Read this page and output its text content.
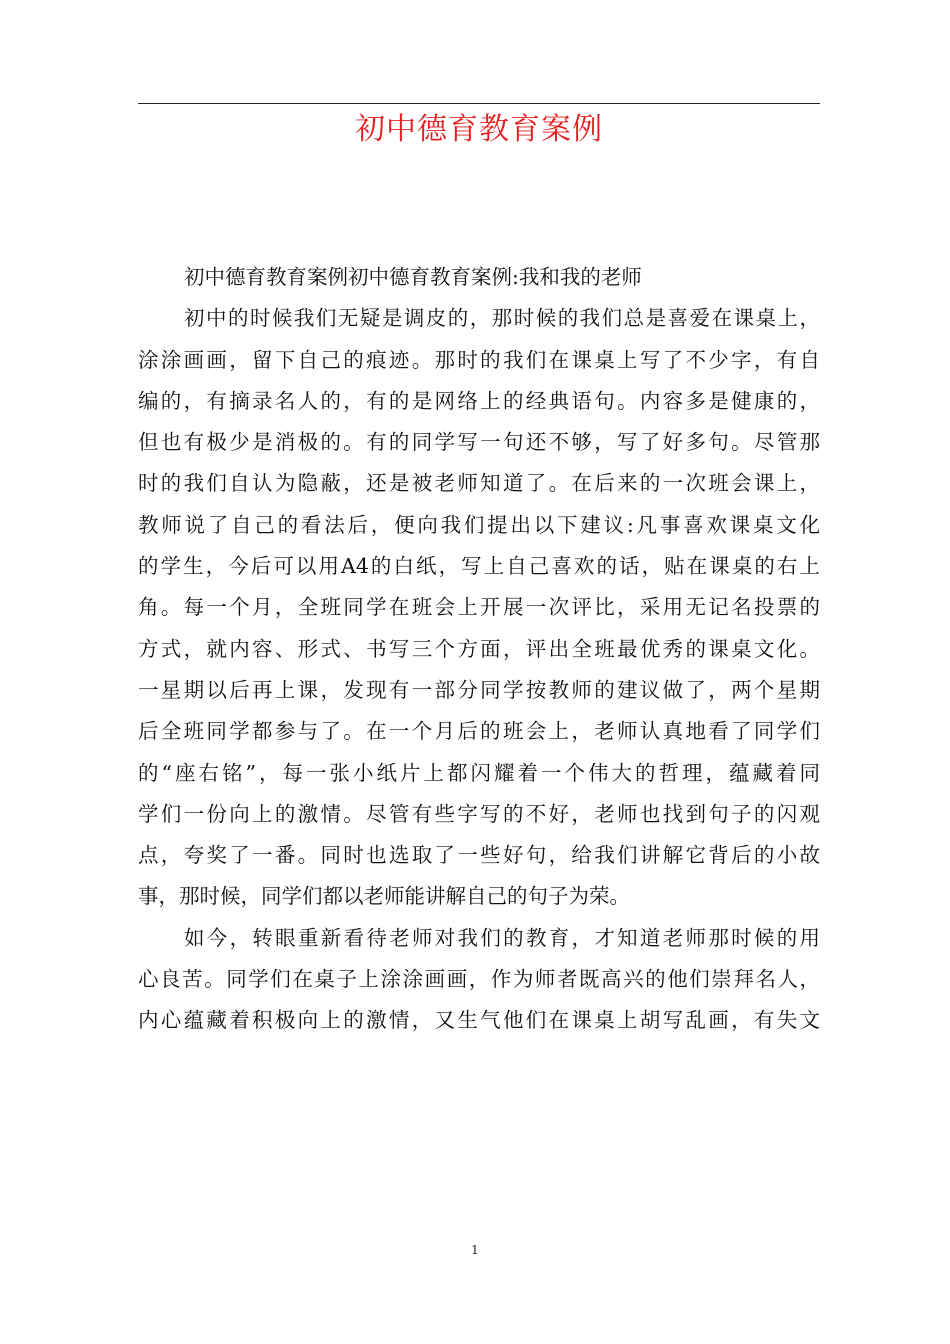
初中德育教育案例
初中德育教育案例初中德育教育案例:我和我的老师
初中的时候我们无疑是调皮的，那时候的我们总是喜爱在课桌上，
涂涂画画，留下自己的痕迹。那时的我们在课桌上写了不少字，有自
编的，有摘录名人的，有的是网络上的经典语句。内容多是健康的，
但也有极少是消极的。有的同学写一句还不够，写了好多句。尽管那
时的我们自认为隐蔽，还是被老师知道了。在后来的一次班会课上，
教师说了自己的看法后，便向我们提出以下建议:凡事喜欢课桌文化
的学生，今后可以用A4的白纸，写上自己喜欢的话，贴在课桌的右上
角。每一个月，全班同学在班会上开展一次评比，采用无记名投票的
方式，就内容、形式、书写三个方面，评出全班最优秀的课桌文化。
一星期以后再上课，发现有一部分同学按教师的建议做了，两个星期
后全班同学都参与了。在一个月后的班会上，老师认真地看了同学们
的“座右铭”，每一张小纸片上都闪耀着一个伟大的哲理，蕴藏着同
学们一份向上的激情。尽管有些字写的不好，老师也找到句子的闪观
点，夸奖了一番。同时也选取了一些好句，给我们讲解它背后的小故
事，那时候，同学们都以老师能讲解自己的句子为荣。
如今，转眼重新看待老师对我们的教育，才知道老师那时候的用
心良苦。同学们在桌子上涂涂画画，作为师者既高兴的他们崇拜名人，
内心蕴藏着积极向上的激情，又生气他们在课桌上胡写乱画，有失文
1
